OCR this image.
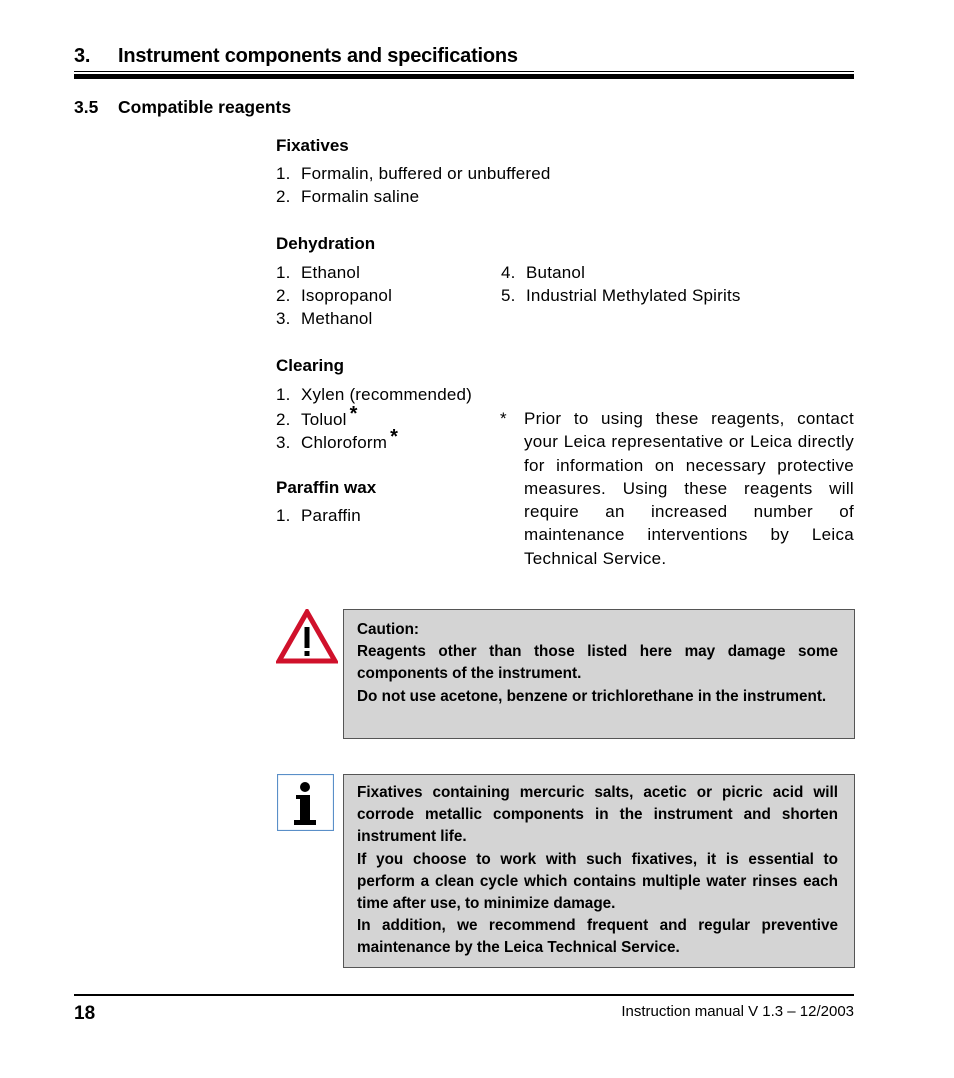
3. Instrument components and specifications
3.5 Compatible reagents
Fixatives
1. Formalin, buffered or unbuffered
2. Formalin saline
Dehydration
1. Ethanol
2. Isopropanol
3. Methanol
4. Butanol
5. Industrial Methylated Spirits
Clearing
1. Xylen (recommended)
2. Toluol *
3. Chloroform *
Paraffin wax
1. Paraffin
* Prior to using these reagents, contact your Leica representative or Leica directly for information on necessary protective measures. Using these reagents will require an increased number of maintenance interventions by Leica Technical Service.

Caution:

Reagents other than those listed here may damage some components of the instrument.

Do not use acetone, benzene or trichlorethane in the instrument.

Fixatives containing mercuric salts, acetic or picric acid will corrode metallic components in the instrument and shorten instrument life.

If you choose to work with such fixatives, it is essential to perform a clean cycle which contains multiple water rinses each time after use, to minimize damage.

In addition, we recommend frequent and regular preventive maintenance by the Leica Technical Service.

18	Instruction manual V 1.3 – 12/2003
